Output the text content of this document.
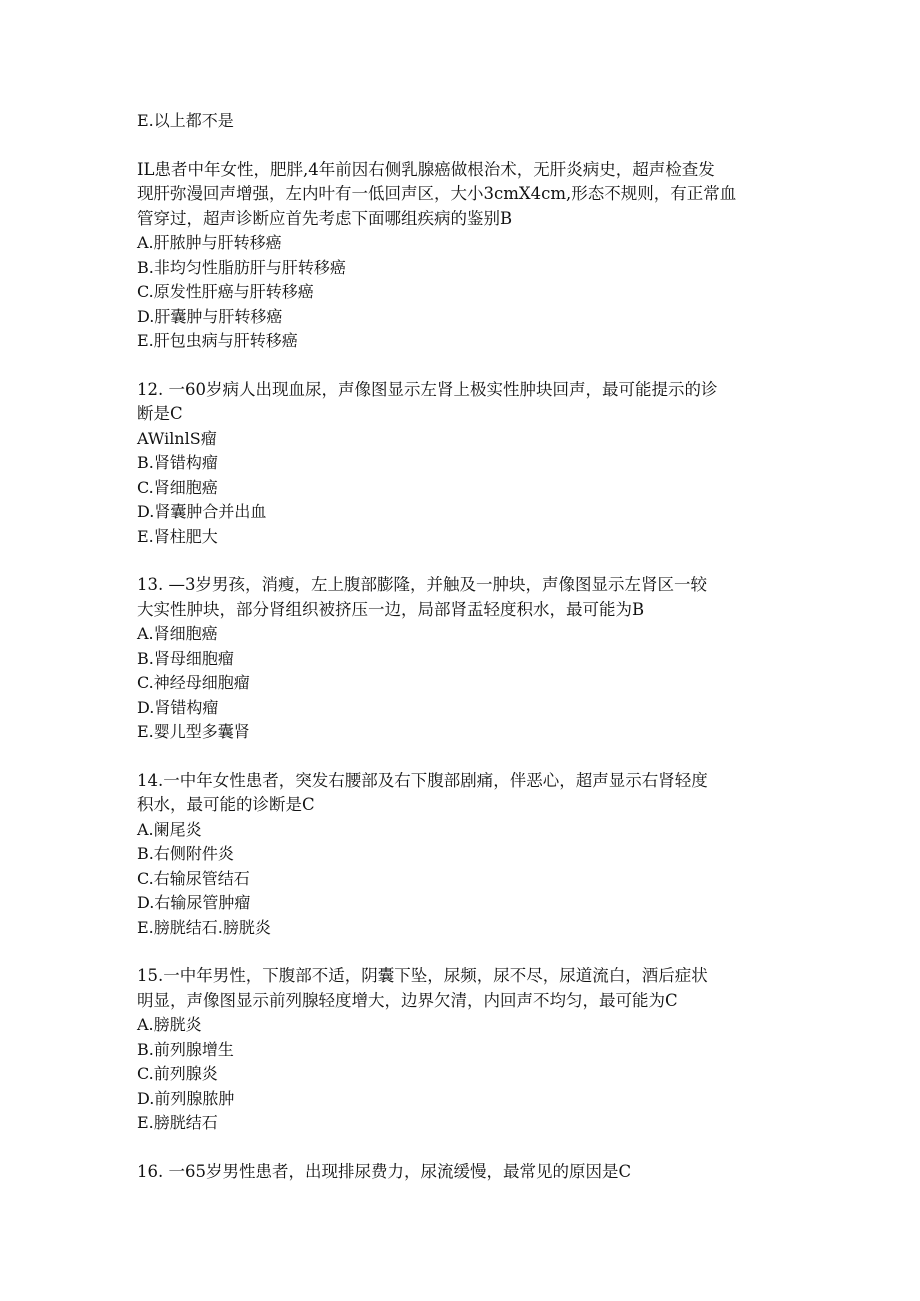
E.以上都不是
IL患者中年女性，肥胖,4年前因右侧乳腺癌做根治术，无肝炎病史，超声检查发
现肝弥漫回声增强，左内叶有一低回声区，大小3cmX4cm,形态不规则，有正常血
管穿过，超声诊断应首先考虑下面哪组疾病的鉴别B
A.肝脓肿与肝转移癌
B.非均匀性脂肪肝与肝转移癌
C.原发性肝癌与肝转移癌
D.肝囊肿与肝转移癌
E.肝包虫病与肝转移癌
12. 一60岁病人出现血尿，声像图显示左肾上极实性肿块回声，最可能提示的诊
断是C
AWilnlS瘤
B.肾错构瘤
C.肾细胞癌
D.肾囊肿合并出血
E.肾柱肥大
13. —3岁男孩，消瘦，左上腹部膨隆，并触及一肿块，声像图显示左肾区一较
大实性肿块，部分肾组织被挤压一边，局部肾盂轻度积水，最可能为B
A.肾细胞癌
B.肾母细胞瘤
C.神经母细胞瘤
D.肾错构瘤
E.婴儿型多囊肾
14.一中年女性患者，突发右腰部及右下腹部剧痛，伴恶心，超声显示右肾轻度
积水，最可能的诊断是C
A.阑尾炎
B.右侧附件炎
C.右输尿管结石
D.右输尿管肿瘤
E.膀胱结石.膀胱炎
15.一中年男性，下腹部不适，阴囊下坠，尿频，尿不尽，尿道流白，酒后症状
明显，声像图显示前列腺轻度增大，边界欠清，内回声不均匀，最可能为C
A.膀胱炎
B.前列腺增生
C.前列腺炎
D.前列腺脓肿
E.膀胱结石
16. 一65岁男性患者，出现排尿费力，尿流缓慢，最常见的原因是C
